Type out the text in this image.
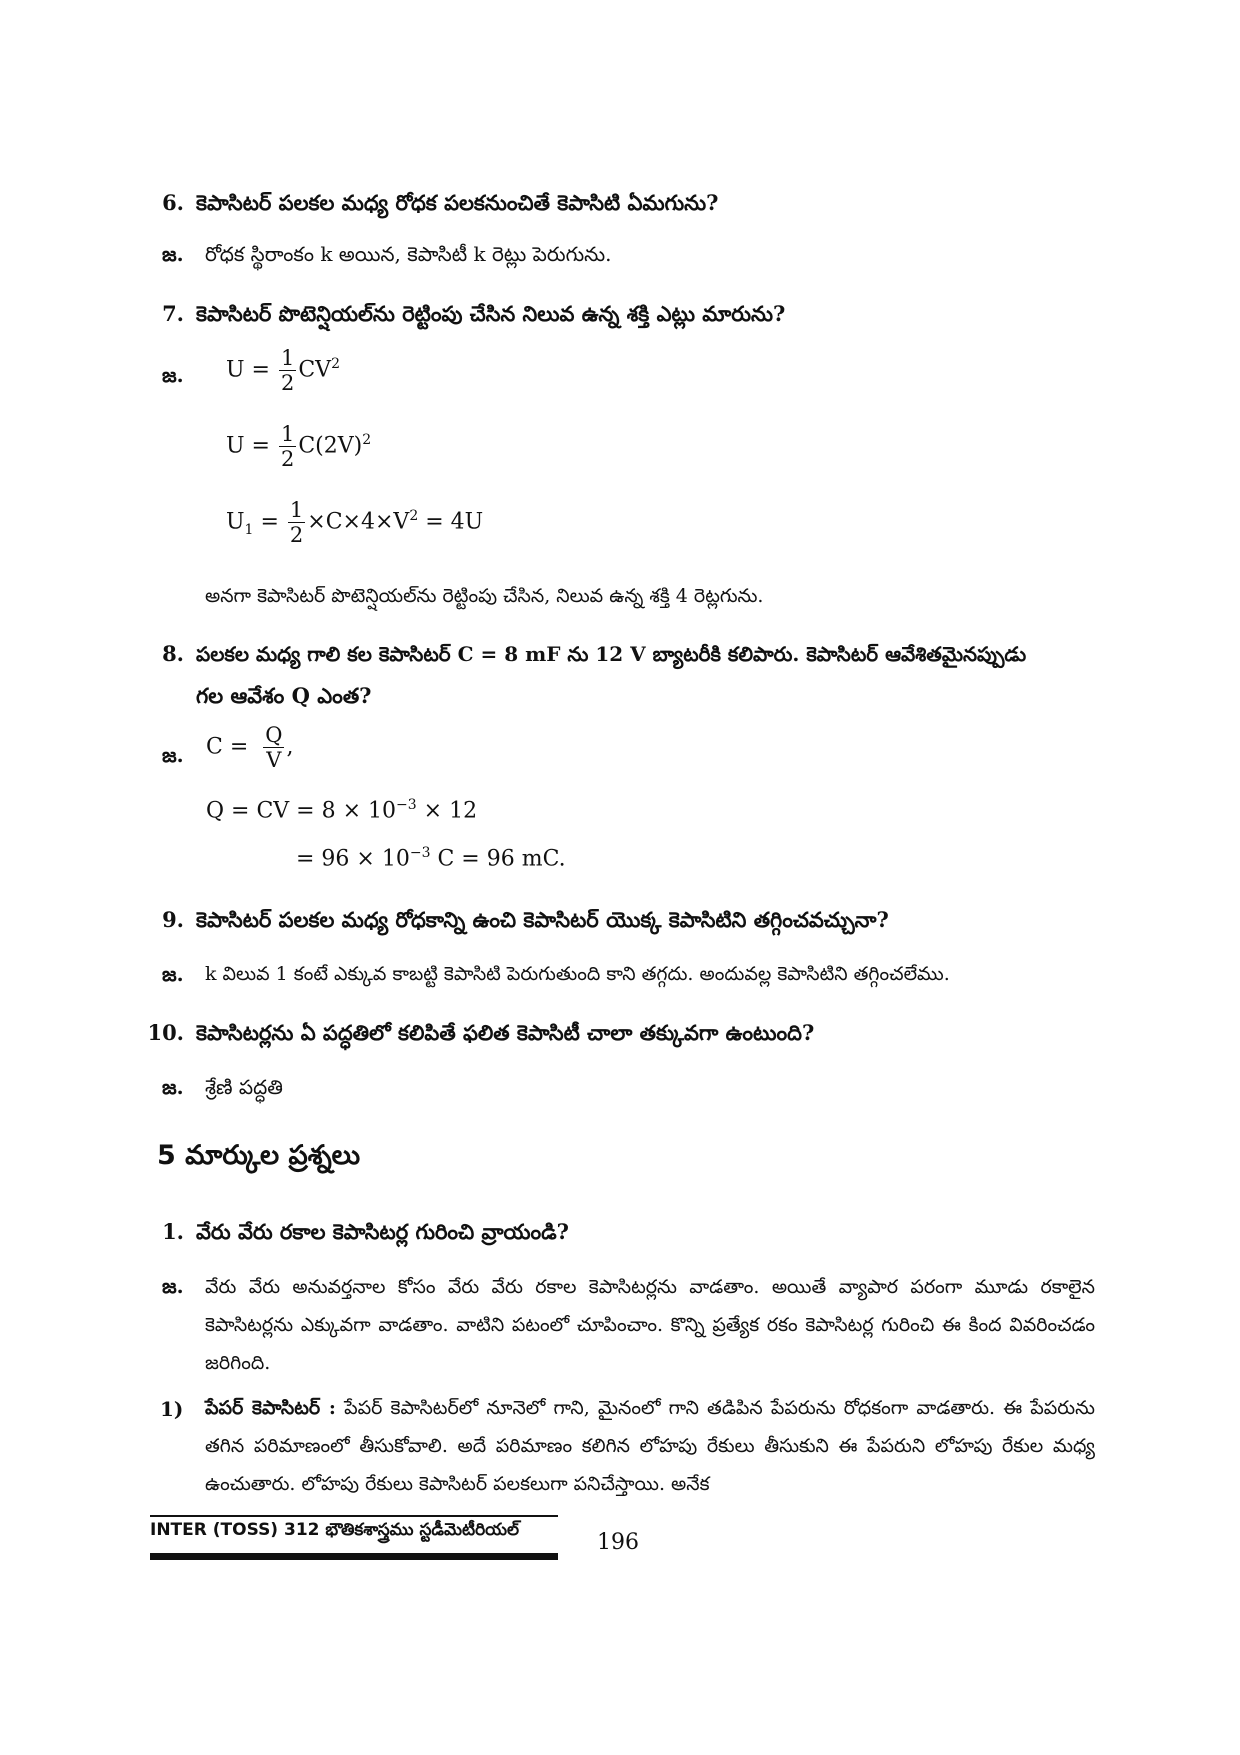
6. కెపాసిటర్ పలకల మధ్య రోధక పలకనుంచితే కెపాసిటి ఏమగును?

జ. రోధక స్థిరాంకం k అయిన, కెపాసిటీ k రెట్లు పెరుగును.

7. కెపాసిటర్ పొటెన్షియల్‌ను రెట్టింపు చేసిన నిలువ ఉన్న శక్తి ఎట్లు మారును?

జ. $U = \frac{1}{2} CV^2$
$U = \frac{1}{2} C(2V)^2$
$U_1 = \frac{1}{2} \times C\times 4\times V^2 = 4U$

అనగా కెపాసిటర్ పొటెన్షియల్‌ను రెట్టింపు చేసిన, నిలువ ఉన్న శక్తి 4 రెట్లగును.

8. పలకల మధ్య గాలి కల కెపాసిటర్ C = 8 mF ను 12 V బ్యాటరీకి కలిపారు. కెపాసిటర్ ఆవేశితమైనప్పుడు

గల ఆవేశం Q ఎంత?

జ. $C = \frac{Q}{V}$ ,
Q = CV = $8 \times 10^{-3} \times 12$
= $96 \times 10^{-3}$ C = 96 mC.
9. కెపాసిటర్ పలకల మధ్య రోధకాన్ని ఉంచి కెపాసిటర్ యొక్క కెపాసిటిని తగ్గించవచ్చునా?

జ. k విలువ 1 కంటే ఎక్కువ కాబట్టి కెపాసిటి పెరుగుతుంది కాని తగ్గదు. అందువల్ల కెపాసిటిని తగ్గించలేము.

10. కెపాసిటర్లను ఏ పద్ధతిలో కలిపితే ఫలిత కెపాసిటీ చాలా తక్కువగా ఉంటుంది?

జ. శ్రేణి పద్ధతి

5 మార్కుల ప్రశ్నలు
1. వేరు వేరు రకాల కెపాసిటర్ల గురించి వ్రాయండి?

జ. వేరు వేరు అనువర్తనాల కోసం వేరు వేరు రకాల కెపాసిటర్లను వాడతాం. అయితే వ్యాపార పరంగా మూడు రకాలైన కెపాసిటర్లను ఎక్కువగా వాడతాం. వాటిని పటంలో చూపించాం. కొన్ని ప్రత్యేక రకం కెపాసిటర్ల గురించి ఈ కింద వివరించడం జరిగింది.

1) పేపర్ కెపాసిటర్ : పేపర్ కెపాసిటర్‌లో నూనెలో గాని, మైనంలో గాని తడిపిన పేపరును రోధకంగా వాడతారు. ఈ పేపరును తగిన పరిమాణంలో తీసుకోవాలి. అదే పరిమాణం కలిగిన లోహపు రేకులు తీసుకుని ఈ పేపరుని లోహపు రేకుల మధ్య ఉంచుతారు. లోహపు రేకులు కెపాసిటర్ పలకలుగా పనిచేస్తాయి. అనేక

INTER (TOSS) 312 భౌతికశాస్త్రము స్టడీమెటీరియల్	196
